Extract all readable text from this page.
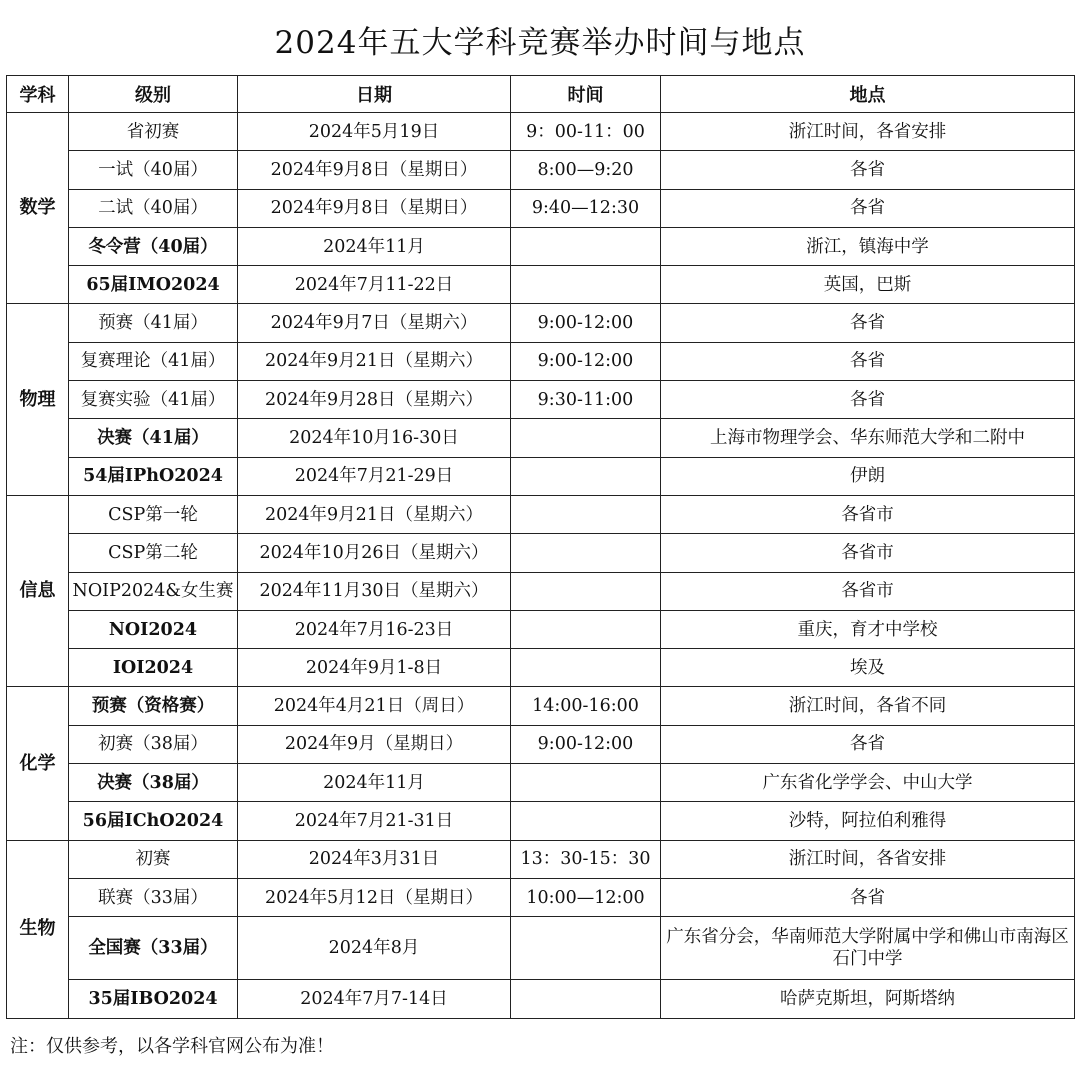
2024年五大学科竞赛举办时间与地点
学科	级别	日期	时间	地点
数学	省初赛	2024年5月19日	9：00-11：00	浙江时间，各省安排
	一试（40届）	2024年9月8日（星期日）	8:00—9:20	各省
	二试（40届）	2024年9月8日（星期日）	9:40—12:30	各省
	冬令营（40届）	2024年11月		浙江，镇海中学
	65届IMO2024	2024年7月11-22日		英国，巴斯
物理	预赛（41届）	2024年9月7日（星期六）	9:00-12:00	各省
	复赛理论（41届）	2024年9月21日（星期六）	9:00-12:00	各省
	复赛实验（41届）	2024年9月28日（星期六）	9:30-11:00	各省
	决赛（41届）	2024年10月16-30日		上海市物理学会、华东师范大学和二附中
	54届IPhO2024	2024年7月21-29日		伊朗
信息	CSP第一轮	2024年9月21日（星期六）		各省市
	CSP第二轮	2024年10月26日（星期六）		各省市
	NOIP2024&女生赛	2024年11月30日（星期六）		各省市
	NOI2024	2024年7月16-23日		重庆，育才中学校
	IOI2024	2024年9月1-8日		埃及
化学	预赛（资格赛）	2024年4月21日（周日）	14:00-16:00	浙江时间，各省不同
	初赛（38届）	2024年9月（星期日）	9:00-12:00	各省
	决赛（38届）	2024年11月		广东省化学学会、中山大学
	56届IChO2024	2024年7月21-31日		沙特，阿拉伯利雅得
生物	初赛	2024年3月31日	13：30-15：30	浙江时间，各省安排
	联赛（33届）	2024年5月12日（星期日）	10:00—12:00	各省
	全国赛（33届）	2024年8月		广东省分会，华南师范大学附属中学和佛山市南海区石门中学
	35届IBO2024	2024年7月7-14日		哈萨克斯坦，阿斯塔纳
注：仅供参考，以各学科官网公布为准！
